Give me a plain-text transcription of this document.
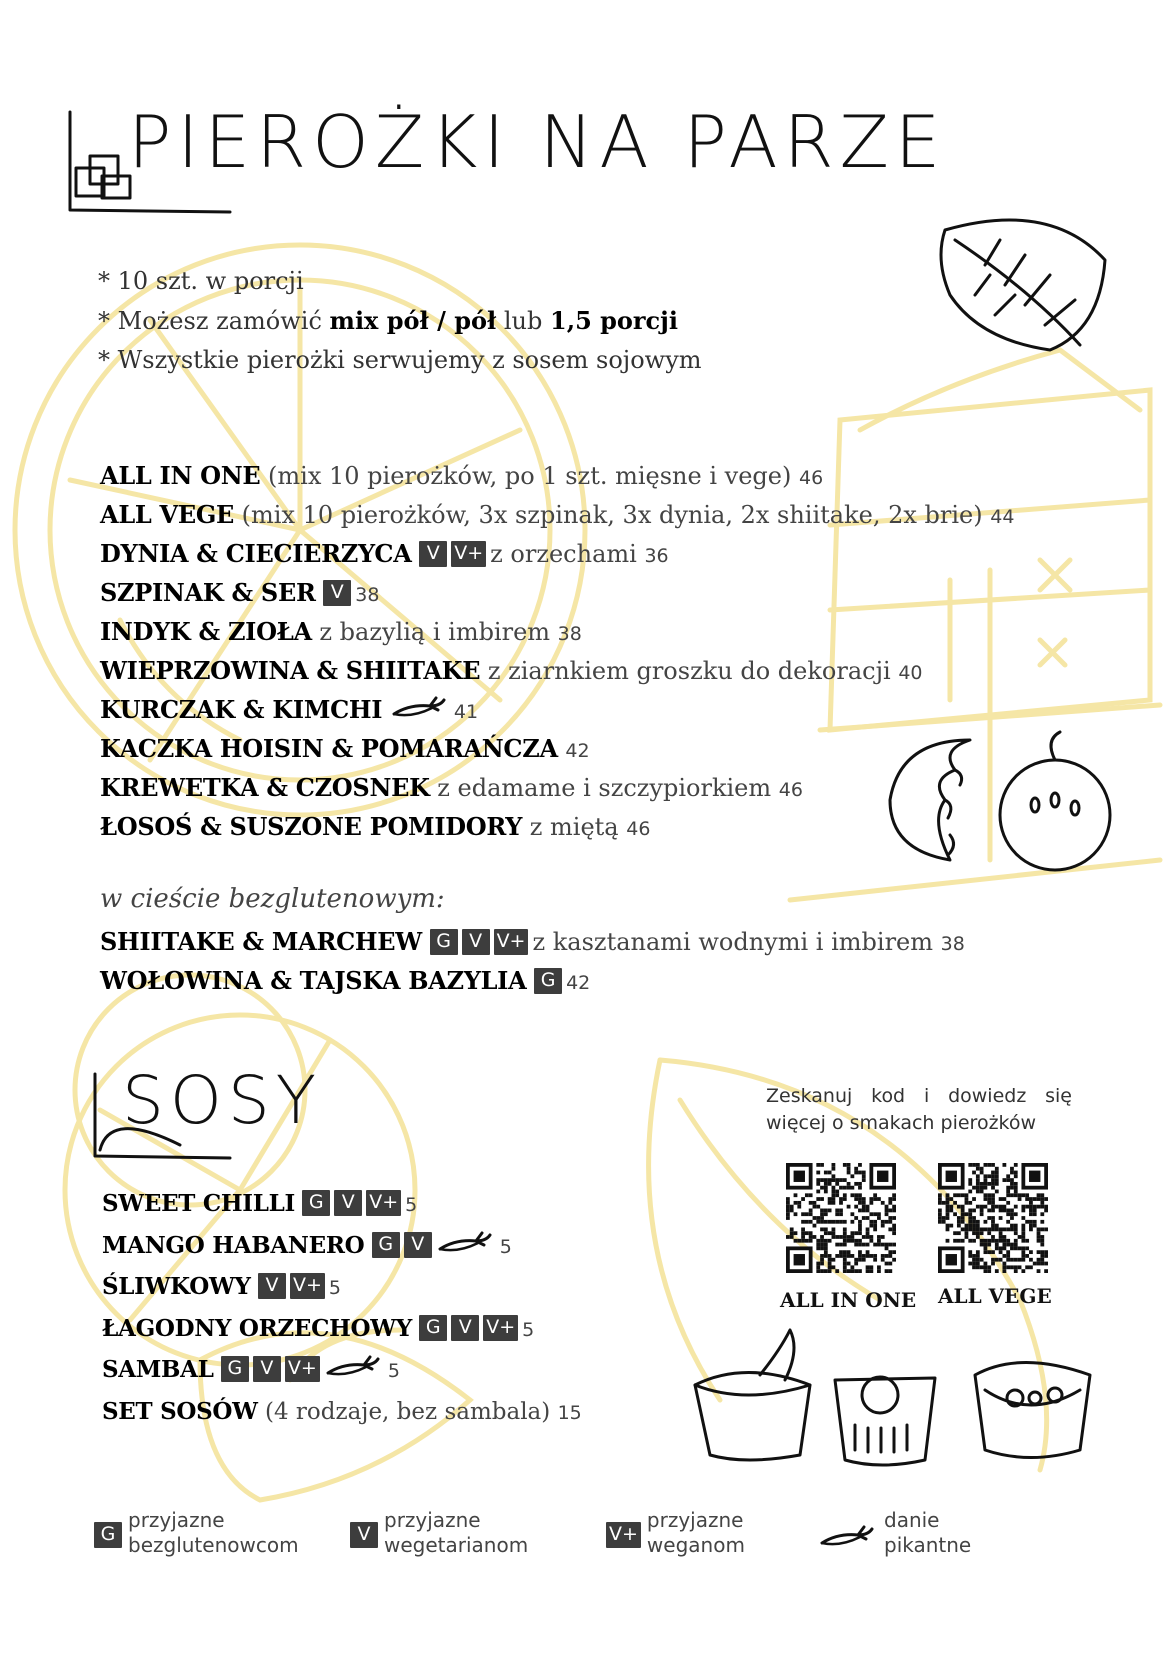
PIEROŻKI NA PARZE
* 10 szt. w porcji
* Możesz zamówić mix pół / pół lub 1,5 porcji
* Wszystkie pierożki serwujemy z sosem sojowym
ALL IN ONE (mix 10 pierożków, po 1 szt. mięsne i vege) 46
ALL VEGE (mix 10 pierożków, 3x szpinak, 3x dynia, 2x shiitake, 2x brie) 44
DYNIA & CIECIERZYCA V V+ z orzechami 36
SZPINAK & SER V 38
INDYK & ZIOŁA z bazylią i imbirem 38
WIEPRZOWINA & SHIITAKE z ziarnkiem groszku do dekoracji 40
KURCZAK & KIMCHI	41
KACZKA HOISIN & POMARAŃCZA 42
KREWETKA & CZOSNEK z edamame i szczypiorkiem 46
ŁOSOŚ & SUSZONE POMIDORY z miętą 46
w cieście bezglutenowym:
SHIITAKE & MARCHEW G V V+ z kasztanami wodnymi i imbirem 38
WOŁOWINA & TAJSKA BAZYLIA G 42
SOSY
SWEET CHILLI G V V+ 5
MANGO HABANERO G V	5
ŚLIWKOWY V V+ 5
ŁAGODNY ORZECHOWY G V V+ 5
SAMBAL G V V+	5
SET SOSÓW (4 rodzaje, bez sambala) 15
Zeskanuj kod i dowiedz się więcej o smakach pierożków
ALL IN ONE ALL VEGE
G
przyjazne
bezglutenowcom	V
przyjazne
wegetarianom	V+
przyjazne
weganom
danie
pikantne
